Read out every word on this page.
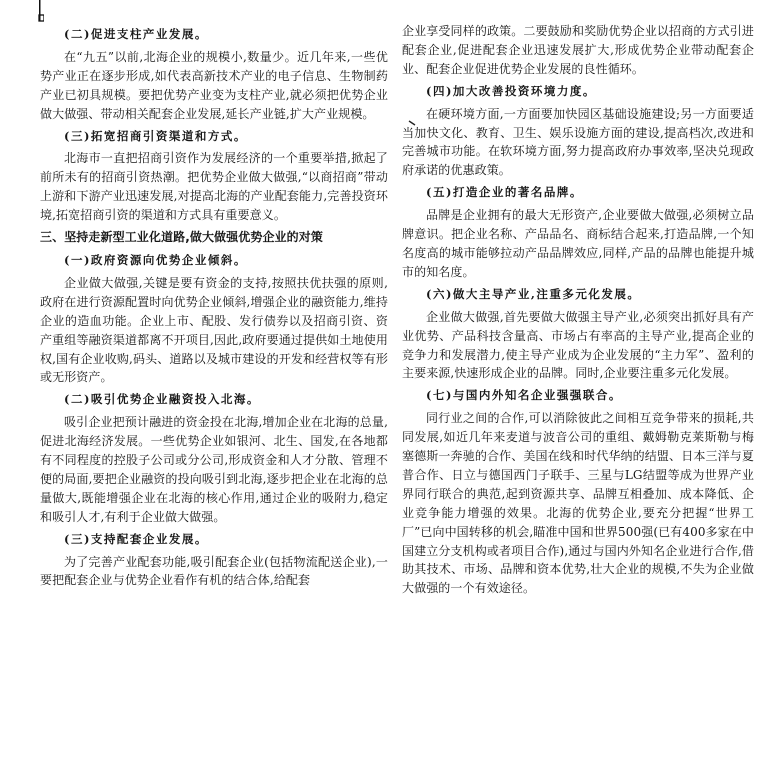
(二)促进支柱产业发展。

在“九五”以前,北海企业的规模小,数量少。近几年来,一些优势产业正在逐步形成,如代表高新技术产业的电子信息、生物制药产业已初具规模。要把优势产业变为支柱产业,就必须把优势企业做大做强、带动相关配套企业发展,延长产业链,扩大产业规模。

(三)拓宽招商引资渠道和方式。

北海市一直把招商引资作为发展经济的一个重要举措,掀起了前所未有的招商引资热潮。把优势企业做大做强,“以商招商”带动上游和下游产业迅速发展,对提高北海的产业配套能力,完善投资环境,拓宽招商引资的渠道和方式具有重要意义。

三、坚持走新型工业化道路,做大做强优势企业的对策

(一)政府资源向优势企业倾斜。

企业做大做强,关键是要有资金的支持,按照扶优扶强的原则,政府在进行资源配置时向优势企业倾斜,增强企业的融资能力,维持企业的造血功能。企业上市、配股、发行债券以及招商引资、资产重组等融资渠道都离不开项目,因此,政府要通过提供如土地使用权,国有企业收购,码头、道路以及城市建设的开发和经营权等有形或无形资产。

(二)吸引优势企业融资投入北海。

吸引企业把预计融进的资金投在北海,增加企业在北海的总量,促进北海经济发展。一些优势企业如银河、北生、国发,在各地都有不同程度的控股子公司或分公司,形成资金和人才分散、管理不便的局面,要把企业融资的投向吸引到北海,逐步把企业在北海的总量做大,既能增强企业在北海的核心作用,通过企业的吸附力,稳定和吸引人才,有利于企业做大做强。

(三)支持配套企业发展。

为了完善产业配套功能,吸引配套企业(包括物流配送企业),一要把配套企业与优势企业看作有机的结合体,给配套

企业享受同样的政策。二要鼓励和奖励优势企业以招商的方式引进配套企业,促进配套企业迅速发展扩大,形成优势企业带动配套企业、配套企业促进优势企业发展的良性循环。

(四)加大改善投资环境力度。

在硬环境方面,一方面要加快园区基础设施建设;另一方面要适当加快文化、教育、卫生、娱乐设施方面的建设,提高档次,改进和完善城市功能。在软环境方面,努力提高政府办事效率,坚决兑现政府承诺的优惠政策。

(五)打造企业的著名品牌。

品牌是企业拥有的最大无形资产,企业要做大做强,必须树立品牌意识。把企业名称、产品品名、商标结合起来,打造品牌,一个知名度高的城市能够拉动产品品牌效应,同样,产品的品牌也能提升城市的知名度。

(六)做大主导产业,注重多元化发展。

企业做大做强,首先要做大做强主导产业,必须突出抓好具有产业优势、产品科技含量高、市场占有率高的主导产业,提高企业的竞争力和发展潜力,使主导产业成为企业发展的“主力军”、盈利的主要来源,快速形成企业的品牌。同时,企业要注重多元化发展。

(七)与国内外知名企业强强联合。

同行业之间的合作,可以消除彼此之间相互竞争带来的损耗,共同发展,如近几年来麦道与波音公司的重组、戴姆勒克莱斯勒与梅塞德斯一奔驰的合作、美国在线和时代华纳的结盟、日本三洋与夏普合作、日立与德国西门子联手、三星与LG结盟等成为世界产业界同行联合的典范,起到资源共享、品牌互相叠加、成本降低、企业竞争能力增强的效果。北海的优势企业,要充分把握“世界工厂”已向中国转移的机会,瞄准中国和世界500强(已有400多家在中国建立分支机构或者项目合作),通过与国内外知名企业进行合作,借助其技术、市场、品牌和资本优势,壮大企业的规模,不失为企业做大做强的一个有效途径。
